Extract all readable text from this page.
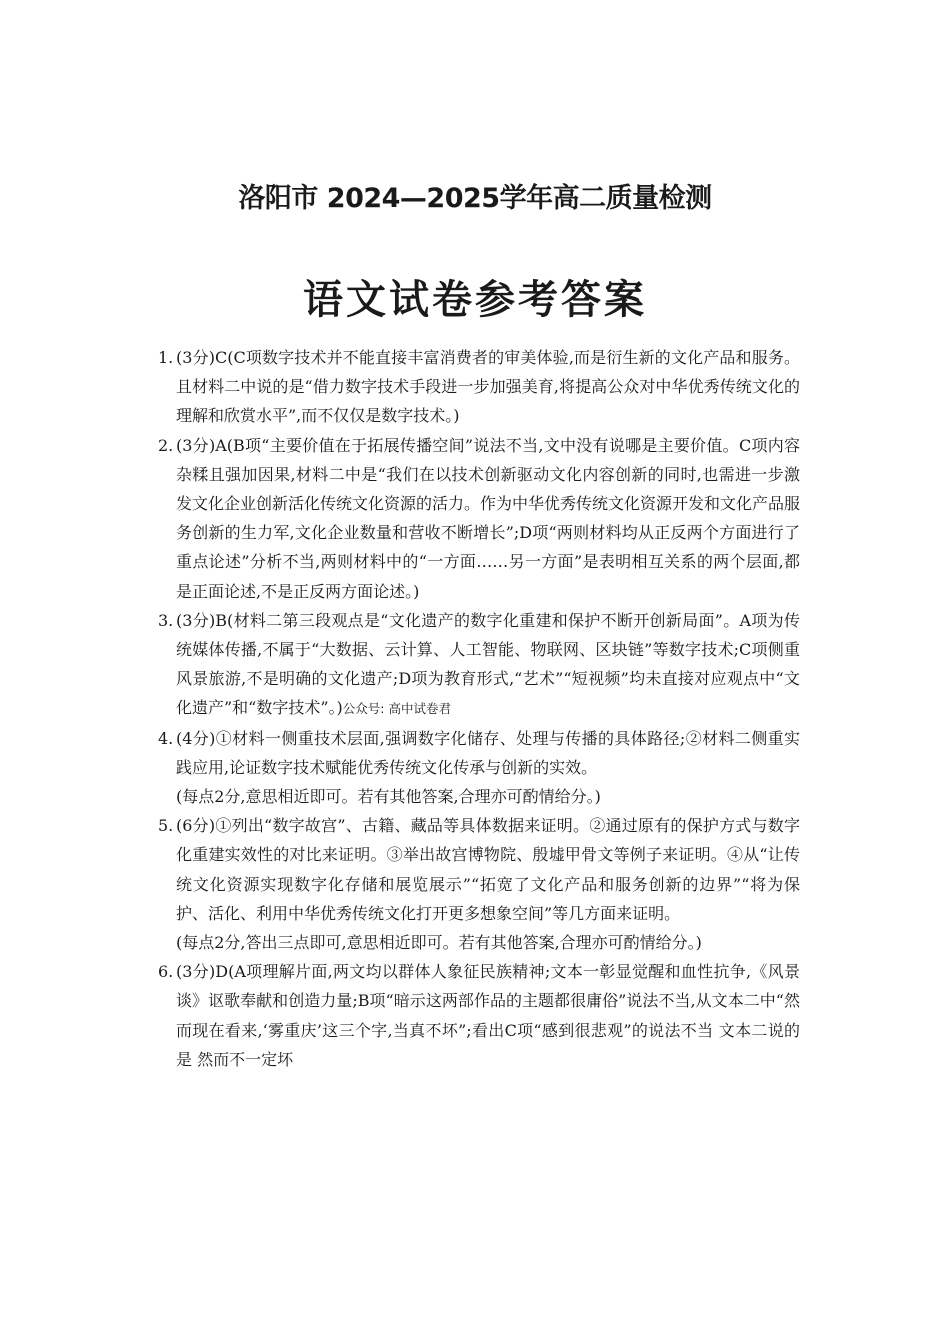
洛阳市 2024—2025学年高二质量检测
语文试卷参考答案
1. (3分)C(C项数字技术并不能直接丰富消费者的审美体验,而是衍生新的文化产品和服务。且材料二中说的是“借力数字技术手段进一步加强美育,将提高公众对中华优秀传统文化的理解和欣赏水平”,而不仅仅是数字技术。)
2. (3分)A(B项“主要价值在于拓展传播空间”说法不当,文中没有说哪是主要价值。C项内容杂糅且强加因果,材料二中是“我们在以技术创新驱动文化内容创新的同时,也需进一步激发文化企业创新活化传统文化资源的活力。作为中华优秀传统文化资源开发和文化产品服务创新的生力军,文化企业数量和营收不断增长”;D项“两则材料均从正反两个方面进行了重点论述”分析不当,两则材料中的“一方面……另一方面”是表明相互关系的两个层面,都是正面论述,不是正反两方面论述。)
3. (3分)B(材料二第三段观点是“文化遗产的数字化重建和保护不断开创新局面”。A项为传统媒体传播,不属于“大数据、云计算、人工智能、物联网、区块链”等数字技术;C项侧重风景旅游,不是明确的文化遗产;D项为教育形式,“艺术”“短视频”均未直接对应观点中“文化遗产”和“数字技术”。)公众号: 高中试卷君
4. (4分)①材料一侧重技术层面,强调数字化储存、处理与传播的具体路径;②材料二侧重实践应用,论证数字技术赋能优秀传统文化传承与创新的实效。
(每点2分,意思相近即可。若有其他答案,合理亦可酌情给分。)
5. (6分)①列出“数字故宫”、古籍、藏品等具体数据来证明。②通过原有的保护方式与数字化重建实效性的对比来证明。③举出故宫博物院、殷墟甲骨文等例子来证明。④从“让传统文化资源实现数字化存储和展览展示”“拓宽了文化产品和服务创新的边界”“将为保护、活化、利用中华优秀传统文化打开更多想象空间”等几方面来证明。
(每点2分,答出三点即可,意思相近即可。若有其他答案,合理亦可酌情给分。)
6. (3分)D(A项理解片面,两文均以群体人象征民族精神;文本一彰显觉醒和血性抗争,《风景谈》讴歌奉献和创造力量;B项“暗示这两部作品的主题都很庸俗”说法不当,从文本二中“然而现在看来,‘雾重庆’这三个字,当真不坏”;看出C项“感到很悲观”的说法不当 文本二说的是 然而不一定坏
